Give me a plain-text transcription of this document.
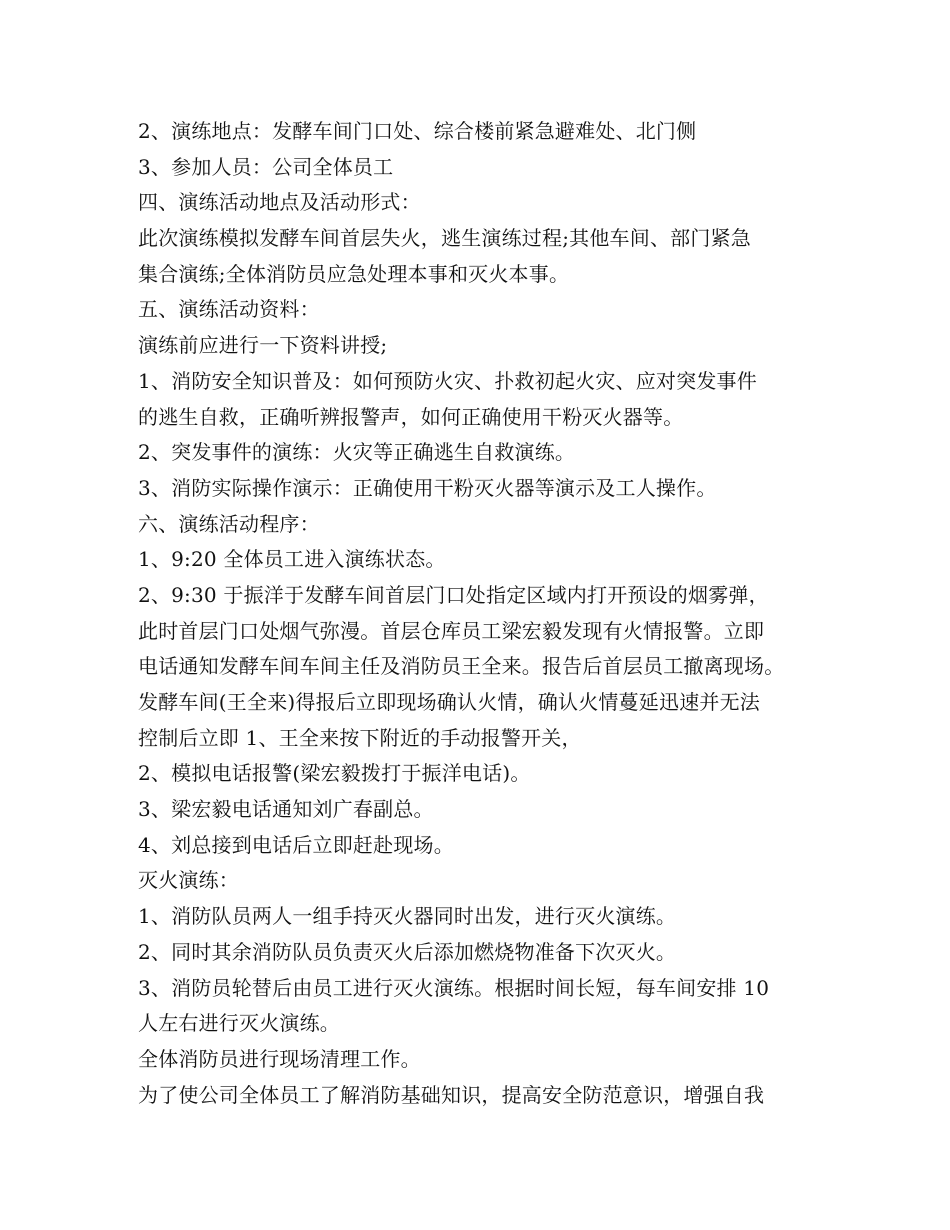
2、演练地点：发酵车间门口处、综合楼前紧急避难处、北门侧
3、参加人员：公司全体员工
四、演练活动地点及活动形式：
此次演练模拟发酵车间首层失火，逃生演练过程;其他车间、部门紧急
集合演练;全体消防员应急处理本事和灭火本事。
五、演练活动资料：
演练前应进行一下资料讲授;
1、消防安全知识普及：如何预防火灾、扑救初起火灾、应对突发事件
的逃生自救，正确听辨报警声，如何正确使用干粉灭火器等。
2、突发事件的演练：火灾等正确逃生自救演练。
3、消防实际操作演示：正确使用干粉灭火器等演示及工人操作。
六、演练活动程序：
1、9:20 全体员工进入演练状态。
2、9:30 于振洋于发酵车间首层门口处指定区域内打开预设的烟雾弹，
此时首层门口处烟气弥漫。首层仓库员工梁宏毅发现有火情报警。立即
电话通知发酵车间车间主任及消防员王全来。报告后首层员工撤离现场。
发酵车间(王全来)得报后立即现场确认火情，确认火情蔓延迅速并无法
控制后立即 1、王全来按下附近的手动报警开关，
2、模拟电话报警(梁宏毅拨打于振洋电话)。
3、梁宏毅电话通知刘广春副总。
4、刘总接到电话后立即赶赴现场。
灭火演练：
1、消防队员两人一组手持灭火器同时出发，进行灭火演练。
2、同时其余消防队员负责灭火后添加燃烧物准备下次灭火。
3、消防员轮替后由员工进行灭火演练。根据时间长短，每车间安排 10
人左右进行灭火演练。
全体消防员进行现场清理工作。
为了使公司全体员工了解消防基础知识，提高安全防范意识，增强自我
